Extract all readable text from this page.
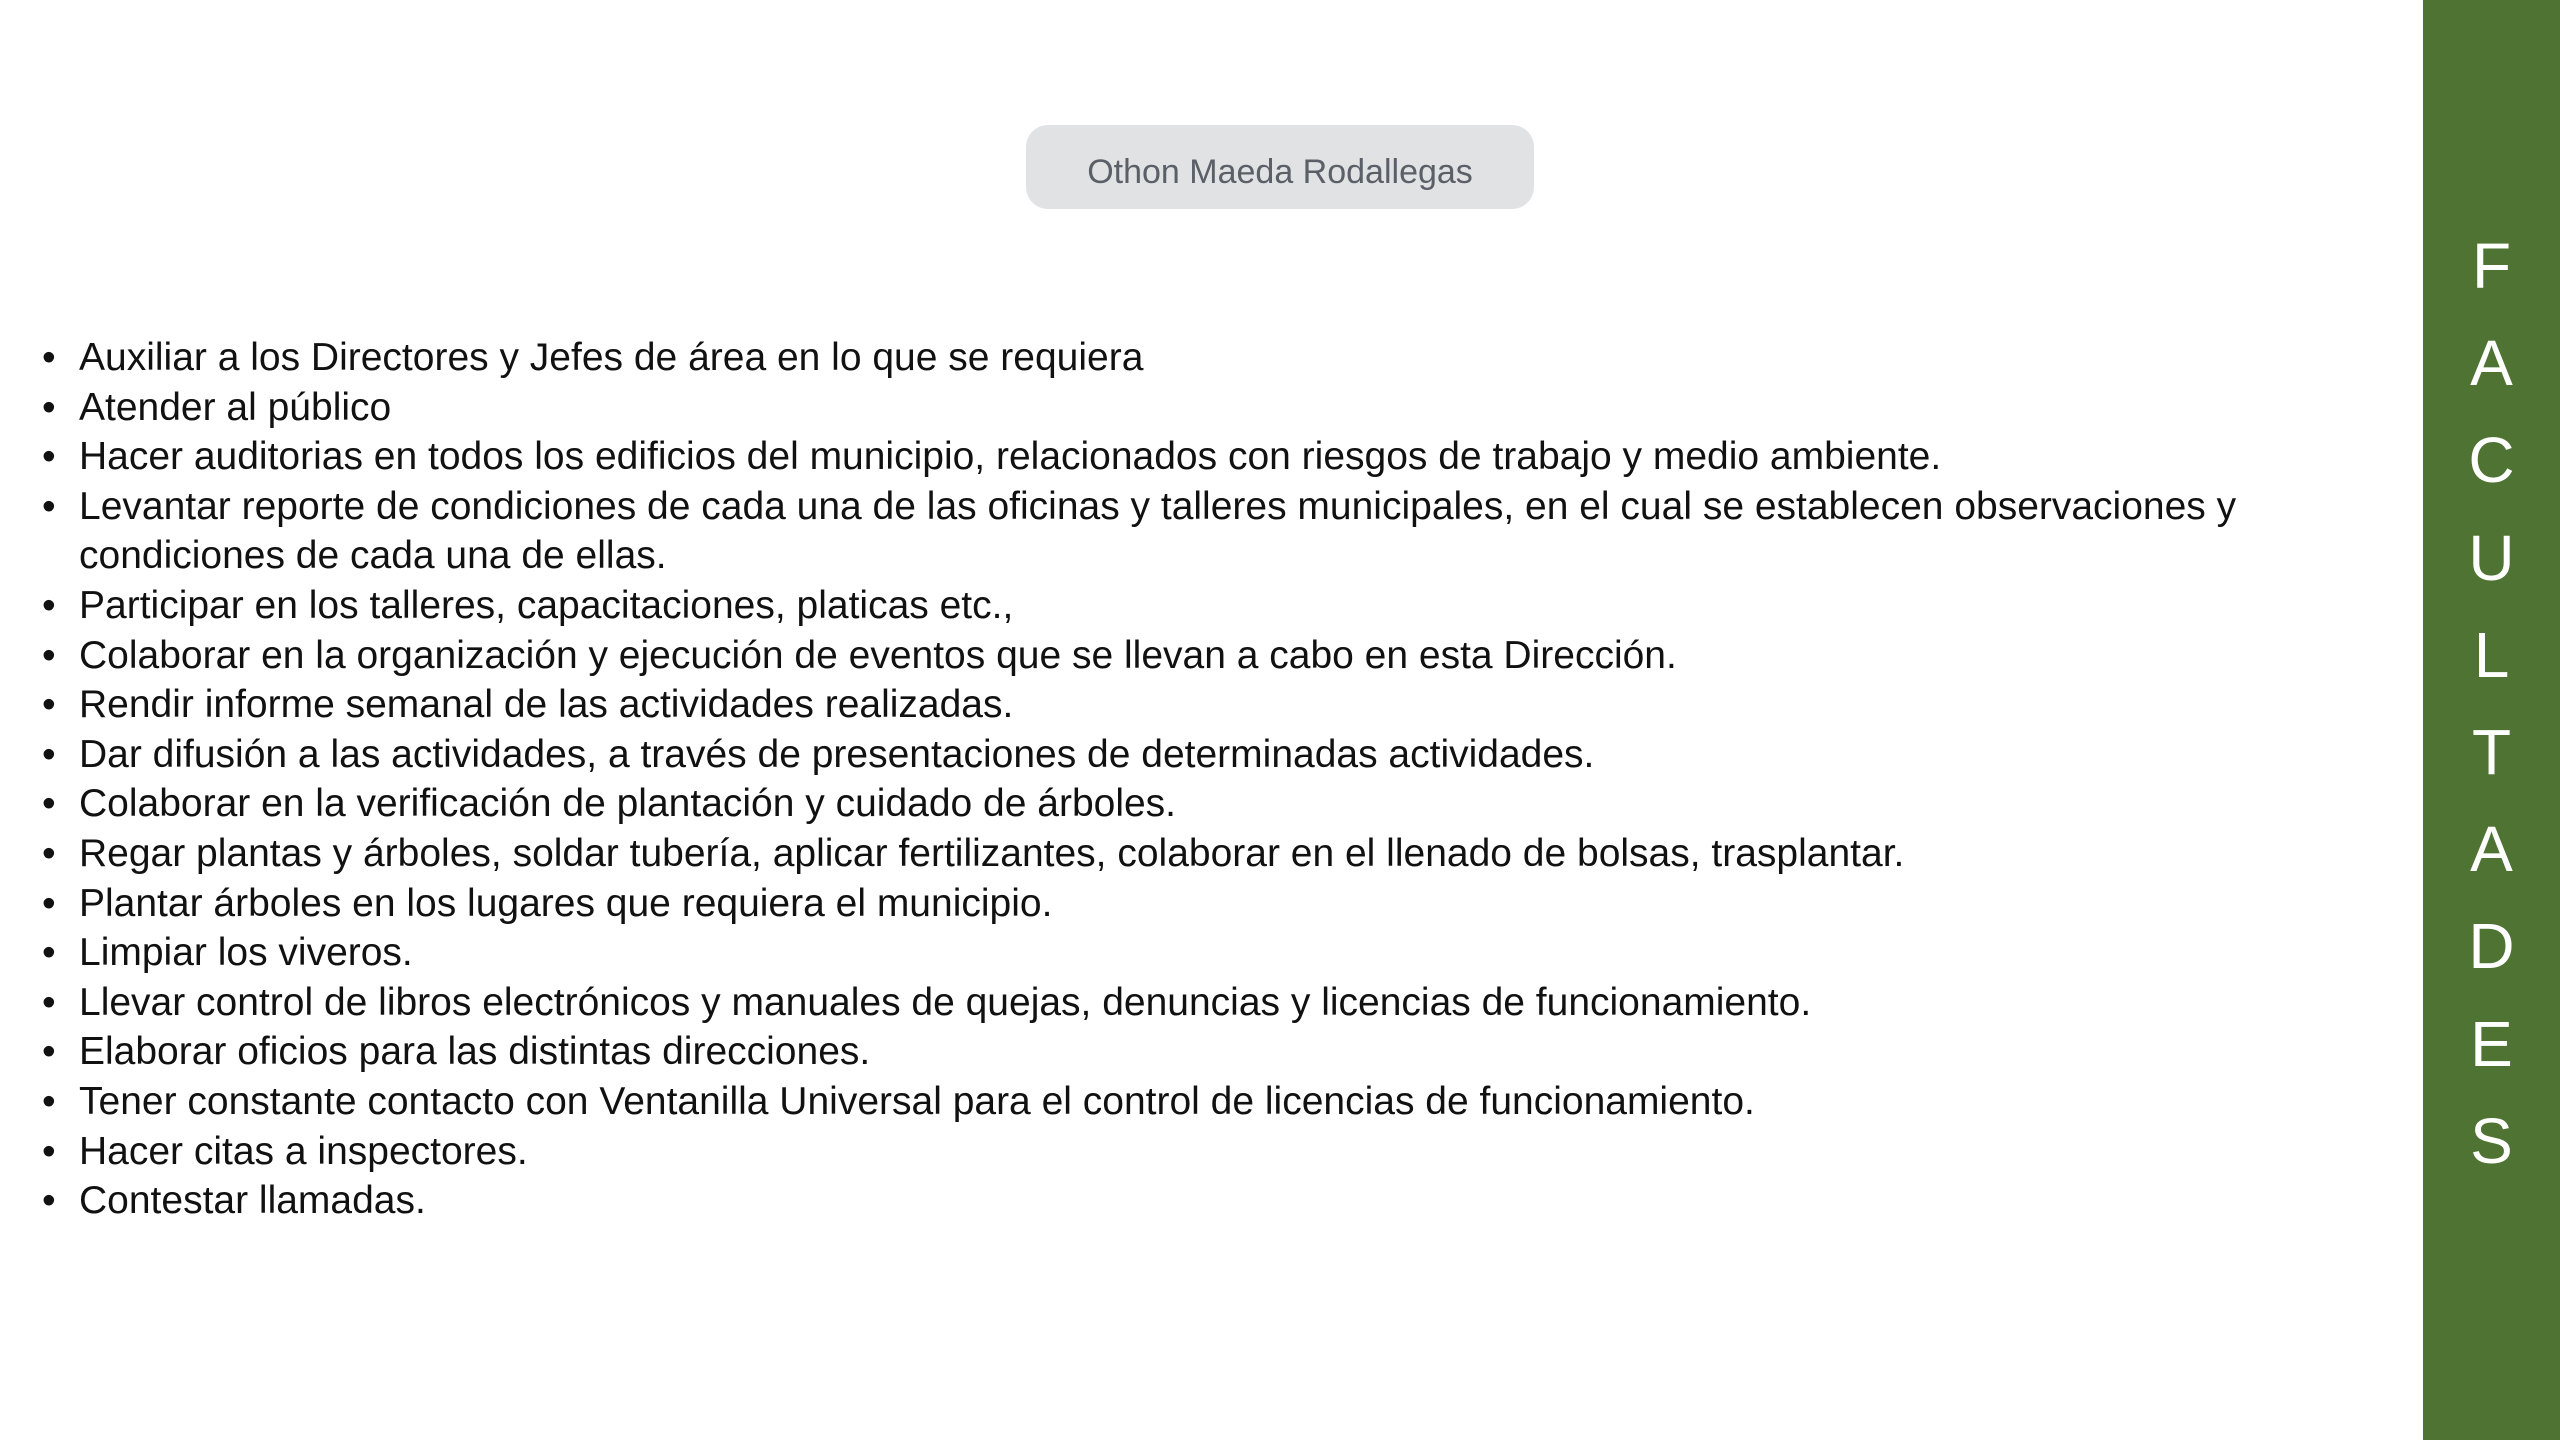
Othon Maeda Rodallegas
• Auxiliar a los Directores y Jefes de área en lo que se requiera
• Atender al público
• Hacer auditorias en todos los edificios del municipio, relacionados con riesgos de trabajo y medio ambiente.
• Levantar reporte de condiciones de cada una de las oficinas y talleres municipales, en el cual se establecen observaciones y condiciones de cada una de ellas.
• Participar en los talleres, capacitaciones, platicas etc.,
• Colaborar en la organización y ejecución de eventos que se llevan a cabo en esta Dirección.
• Rendir informe semanal de las actividades realizadas.
• Dar difusión a las actividades, a través de presentaciones de determinadas actividades.
• Colaborar en la verificación de plantación y cuidado de árboles.
• Regar plantas y árboles, soldar tubería, aplicar fertilizantes, colaborar en el llenado de bolsas, trasplantar.
• Plantar árboles en los lugares que requiera el municipio.
• Limpiar los viveros.
• Llevar control de libros electrónicos y manuales de quejas, denuncias y licencias de funcionamiento.
• Elaborar oficios para las distintas direcciones.
• Tener constante contacto con Ventanilla Universal para el control de licencias de funcionamiento.
• Hacer citas a inspectores.
• Contestar llamadas.
F
A
C
U
L
T
A
D
E
S
